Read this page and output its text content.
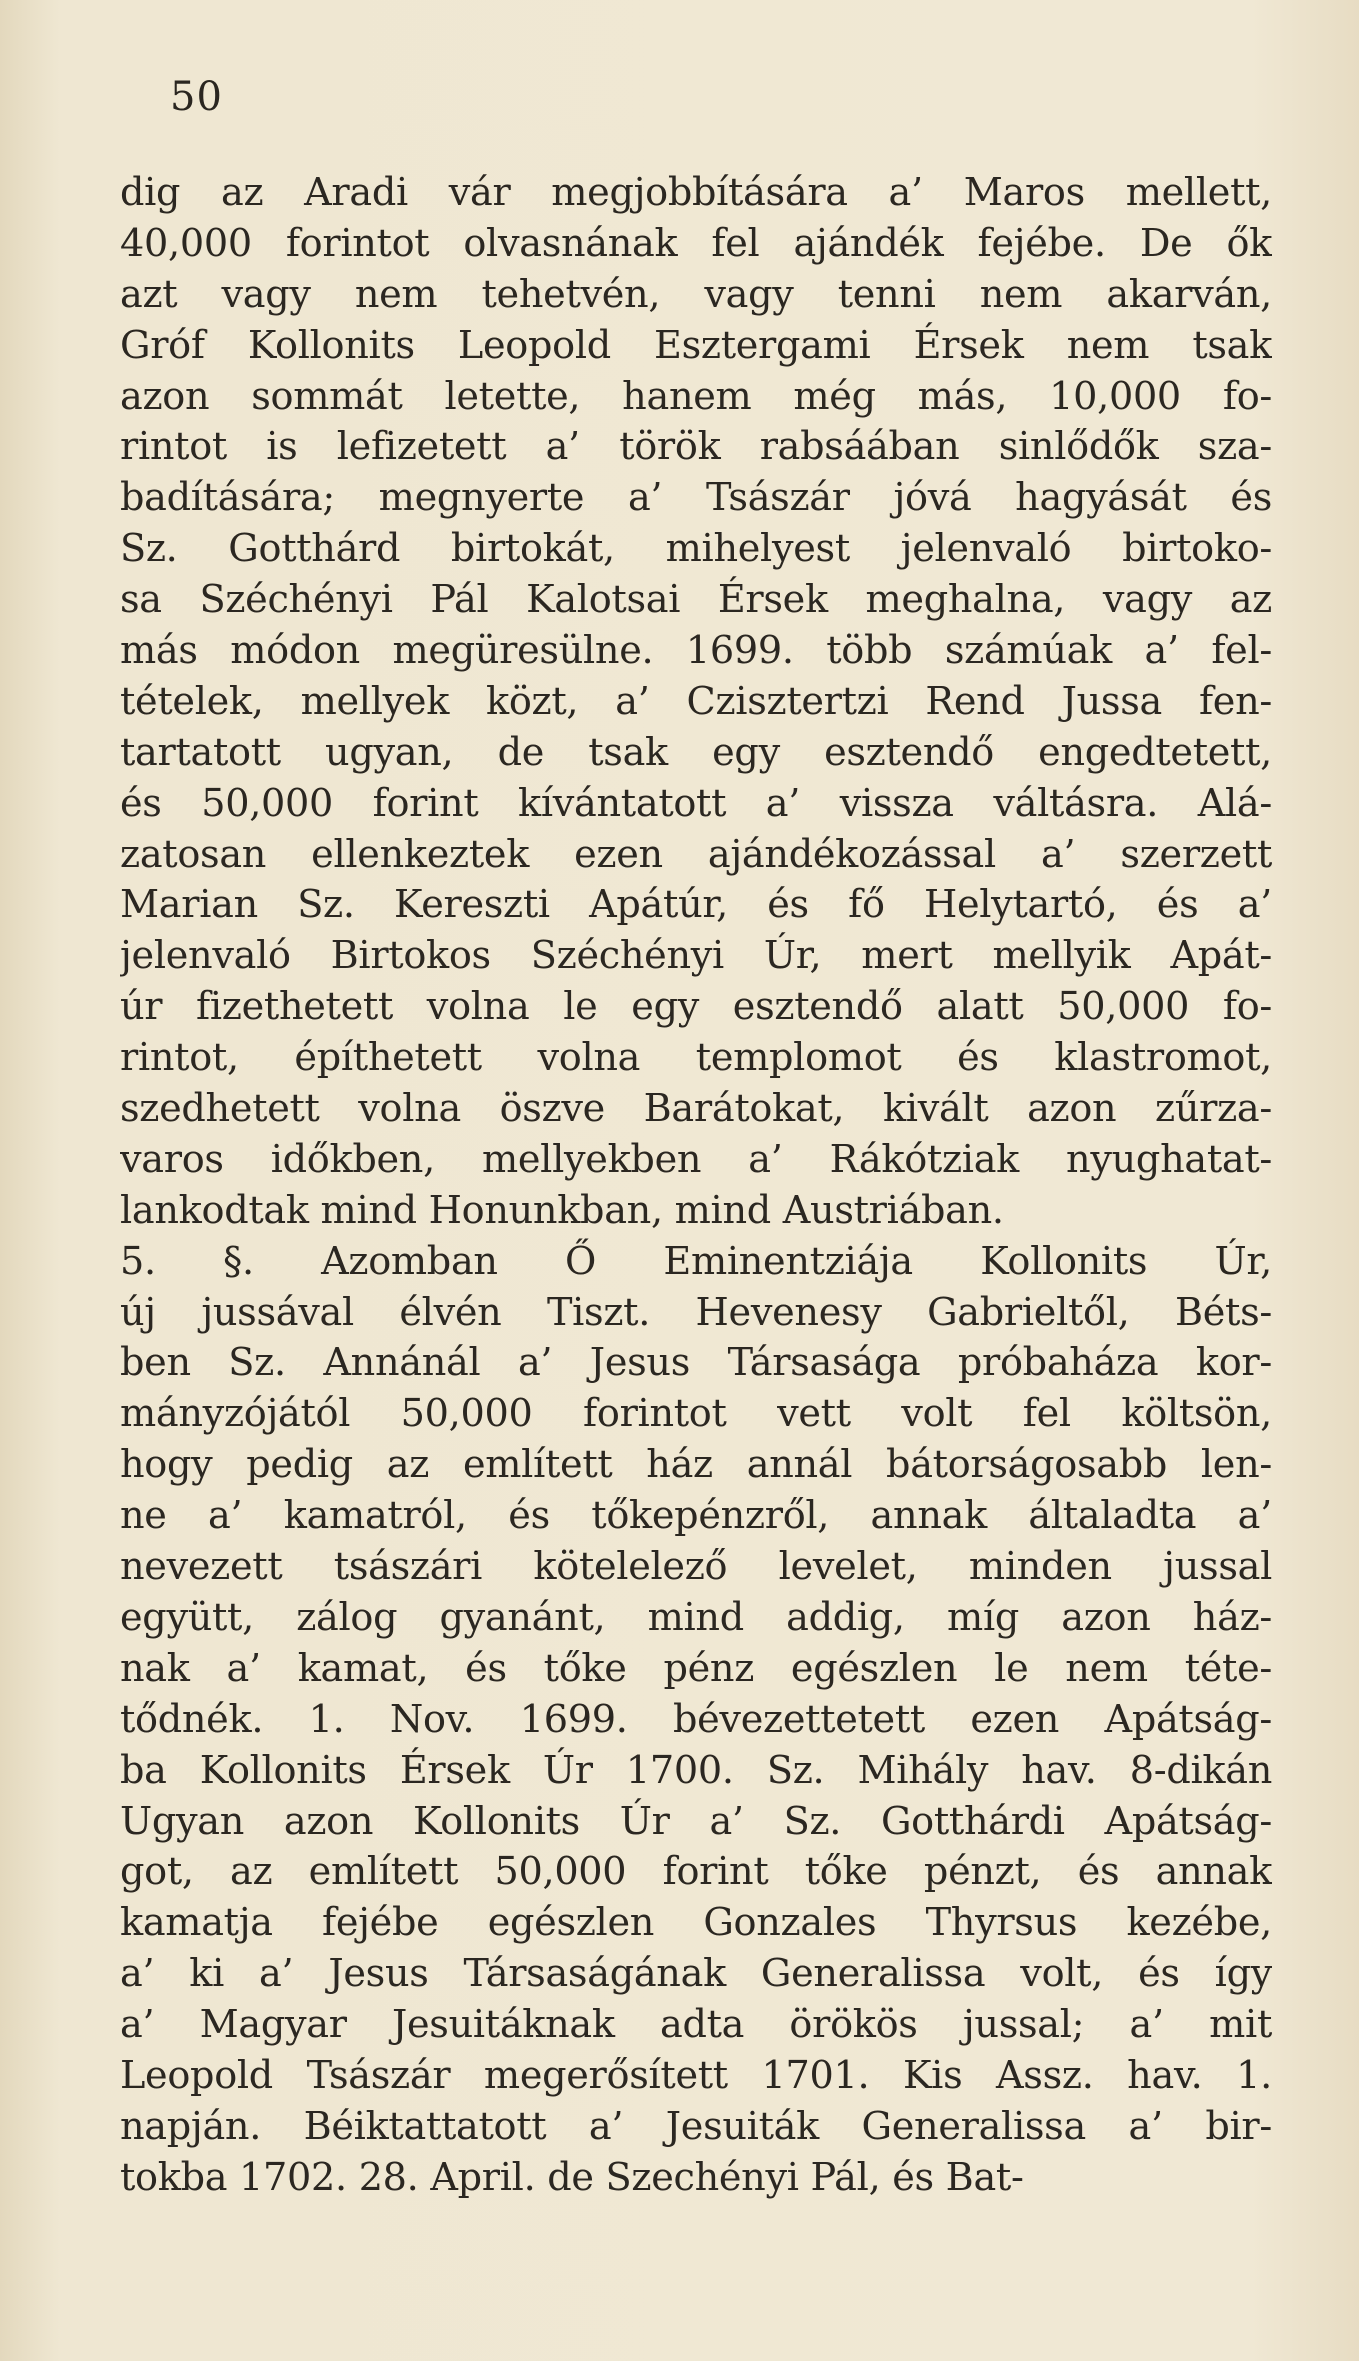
50
dig az Aradi vár megjobbítására a’ Maros mellett,
40,000 forintot olvasnának fel ajándék fejébe. De ők
azt vagy nem tehetvén, vagy tenni nem akarván,
Gróf Kollonits Leopold Esztergami Érsek nem tsak
azon sommát letette, hanem még más, 10,000 fo-
rintot is lefizetett a’ török rabsáában sinlődők sza-
badítására; megnyerte a’ Tsászár jóvá hagyását és
Sz. Gotthárd birtokát, mihelyest jelenvaló birtoko-
sa Széchényi Pál Kalotsai Érsek meghalna, vagy az
más módon megüresülne. 1699. több számúak a’ fel-
tételek, mellyek közt, a’ Czisztertzi Rend Jussa fen-
tartatott ugyan, de tsak egy esztendő engedtetett,
és 50,000 forint kívántatott a’ vissza váltásra. Alá-
zatosan ellenkeztek ezen ajándékozással a’ szerzett
Marian Sz. Kereszti Apátúr, és fő Helytartó, és a’
jelenvaló Birtokos Széchényi Úr, mert mellyik Apát-
úr fizethetett volna le egy esztendő alatt 50,000 fo-
rintot, építhetett volna templomot és klastromot,
szedhetett volna öszve Barátokat, kivált azon zűrza-
varos időkben, mellyekben a’ Rákótziak nyughatat-
lankodtak mind Honunkban, mind Austriában.
5. §. Azomban Ő Eminentziája Kollonits Úr,
új jussával élvén Tiszt. Hevenesy Gabrieltől, Béts-
ben Sz. Annánál a’ Jesus Társasága próbaháza kor-
mányzójától 50,000 forintot vett volt fel költsön,
hogy pedig az említett ház annál bátorságosabb len-
ne a’ kamatról, és tőkepénzről, annak általadta a’
nevezett tsászári kötelelező levelet, minden jussal
együtt, zálog gyanánt, mind addig, míg azon ház-
nak a’ kamat, és tőke pénz egészlen le nem téte-
tődnék. 1. Nov. 1699. bévezettetett ezen Apátság-
ba Kollonits Érsek Úr 1700. Sz. Mihály hav. 8-dikán
Ugyan azon Kollonits Úr a’ Sz. Gotthárdi Apátság-
got, az említett 50,000 forint tőke pénzt, és annak
kamatja fejébe egészlen Gonzales Thyrsus kezébe,
a’ ki a’ Jesus Társaságának Generalissa volt, és így
a’ Magyar Jesuitáknak adta örökös jussal; a’ mit
Leopold Tsászár megerősített 1701. Kis Assz. hav. 1.
napján. Béiktattatott a’ Jesuiták Generalissa a’ bir-
tokba 1702. 28. April. de Szechényi Pál, és Bat-
